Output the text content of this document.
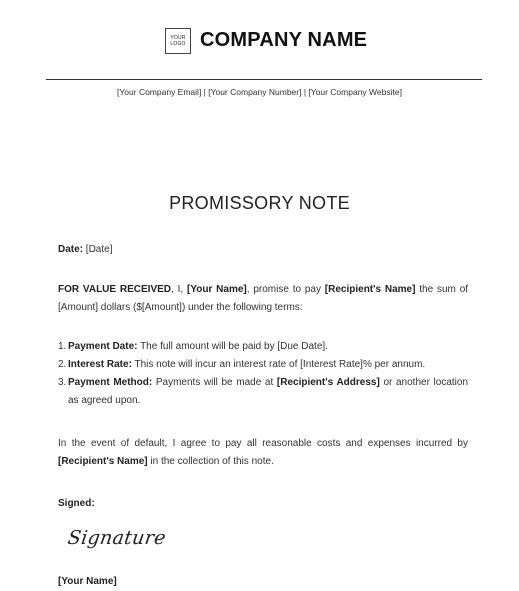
YOUR
LOGO COMPANY NAME
[Your Company Email] | [Your Company Number] | [Your Company Website]
PROMISSORY NOTE
Date: [Date]
FOR VALUE RECEIVED, I, [Your Name], promise to pay [Recipient's Name] the sum of [Amount] dollars ($[Amount]) under the following terms:
1. Payment Date: The full amount will be paid by [Due Date].
2. Interest Rate: This note will incur an interest rate of [Interest Rate]% per annum.
3. Payment Method: Payments will be made at [Recipient's Address] or another location as agreed upon.
In the event of default, I agree to pay all reasonable costs and expenses incurred by [Recipient's Name] in the collection of this note.
Signed:
Signature
[Your Name]
